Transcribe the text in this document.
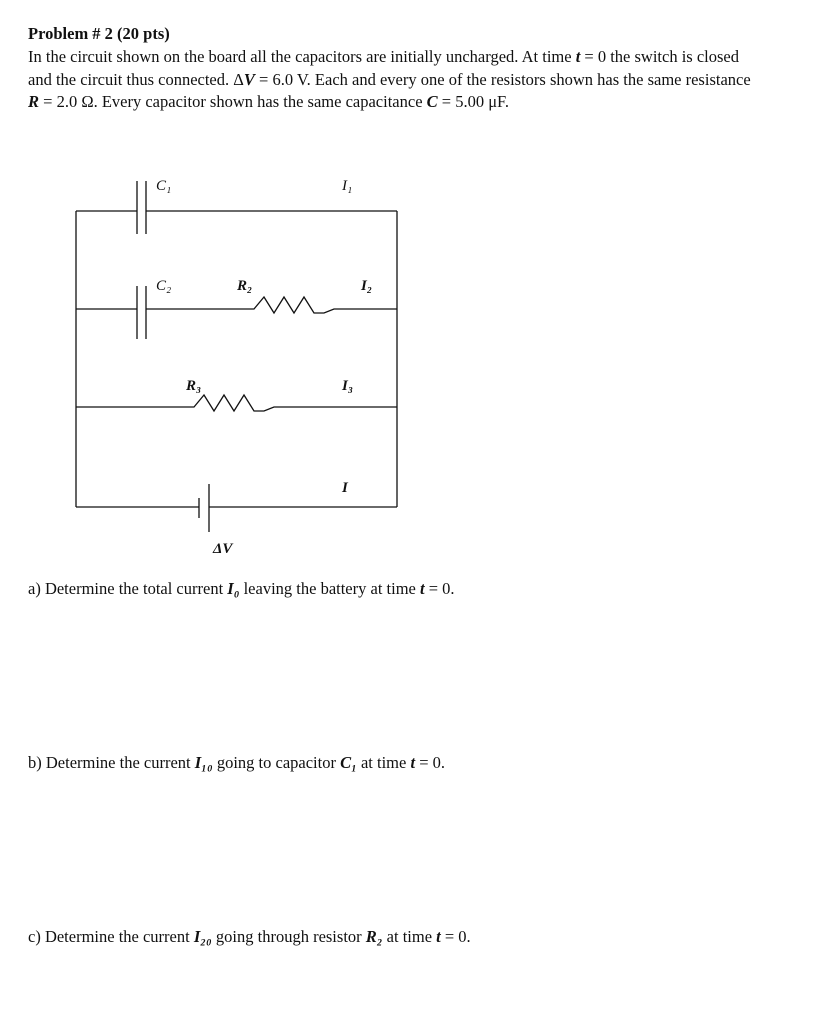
Problem # 2 (20 pts)
In the circuit shown on the board all the capacitors are initially uncharged. At time t = 0 the switch is closed
and the circuit thus connected. ΔV = 6.0 V. Each and every one of the resistors shown has the same resistance
R = 2.0 Ω. Every capacitor shown has the same capacitance C = 5.00 μF.
C₁	I₁
C₂	R₂	I₂
R₃	I₃
I
ΔV
a) Determine the total current I₀ leaving the battery at time t = 0.
b) Determine the current I₁₀ going to capacitor C₁ at time t = 0.
c) Determine the current I₂₀ going through resistor R₂ at time t = 0.
